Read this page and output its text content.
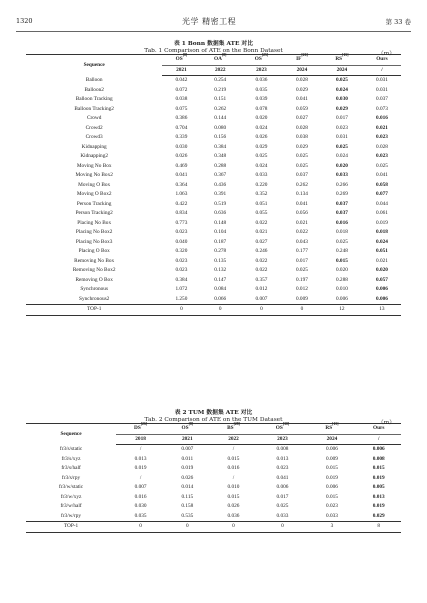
1320	光学 精密工程	第 33 卷
表 1 Bonn 数据集 ATE 对比
Tab. 1 Comparison of ATE on the Bonn Dataset	（m）
Sequence	OS[8]	OA[8]	OS[25]	IF[26]	RS[15]	Ours
	2021	2022	2023	2024	2024	/
Balloon	0.042	0.254	0.036	0.028	0.025	0.031
Balloon2	0.072	0.219	0.035	0.029	0.024	0.031
Balloon Tracking	0.038	0.151	0.039	0.041	0.030	0.037
Balloon Tracking2	0.075	0.262	0.078	0.059	0.029	0.073
Crowd	0.386	0.144	0.020	0.027	0.017	0.016
Crowd2	0.704	0.080	0.024	0.028	0.023	0.021
Crowd3	0.339	0.156	0.026	0.038	0.031	0.023
Kidnapping	0.030	0.384	0.029	0.029	0.025	0.028
Kidnapping2	0.026	0.348	0.025	0.025	0.024	0.023
Moving No Box	0.469	0.288	0.024	0.025	0.020	0.025
Moving No Box2	0.041	0.367	0.033	0.037	0.033	0.041
Moving O Box	0.364	0.436	0.220	0.262	0.266	0.058
Moving O Box2	1.063	0.391	0.352	0.134	0.269	0.077
Person Tracking	0.422	0.519	0.051	0.041	0.037	0.044
Person Tracking2	0.834	0.636	0.055	0.056	0.037	0.061
Placing No Box	0.773	0.148	0.022	0.021	0.016	0.019
Placing No Box2	0.023	0.104	0.021	0.022	0.018	0.018
Placing No Box3	0.040	0.187	0.027	0.043	0.025	0.024
Placing O Box	0.320	0.278	0.246	0.177	0.248	0.051
Removing No Box	0.023	0.135	0.022	0.017	0.015	0.021
Removing No Box2	0.023	0.132	0.022	0.025	0.020	0.020
Removing O Box	0.384	0.147	0.357	0.197	0.288	0.057
Synchronous	1.072	0.084	0.012	0.012	0.010	0.006
Synchronous2	1.250	0.066	0.007	0.009	0.006	0.006
TOP-1	0	0	0	0	12	13
表 2 TUM 数据集 ATE 对比
Tab. 2 Comparison of ATE on the TUM Dataset	（m）
Sequence	DS[26]	OS[8]	BS[28]	OS[30]	RS[15]	Ours
	2018	2021	2022	2023	2024	/
fr3/s/static	/	0.007	/	0.008	0.006	0.006
fr3/s/xyz	0.013	0.011	0.015	0.013	0.009	0.008
fr3/s/half	0.019	0.019	0.016	0.023	0.015	0.015
fr3/s/rpy	/	0.026	/	0.041	0.019	0.019
fr3/w/static	0.007	0.014	0.010	0.006	0.006	0.005
fr3/w/xyz	0.016	0.115	0.015	0.017	0.015	0.013
fr3/w/half	0.030	0.158	0.026	0.025	0.023	0.019
fr3/w/rpy	0.035	0.535	0.036	0.033	0.033	0.029
TOP-1	0	0	0	0	3	8
